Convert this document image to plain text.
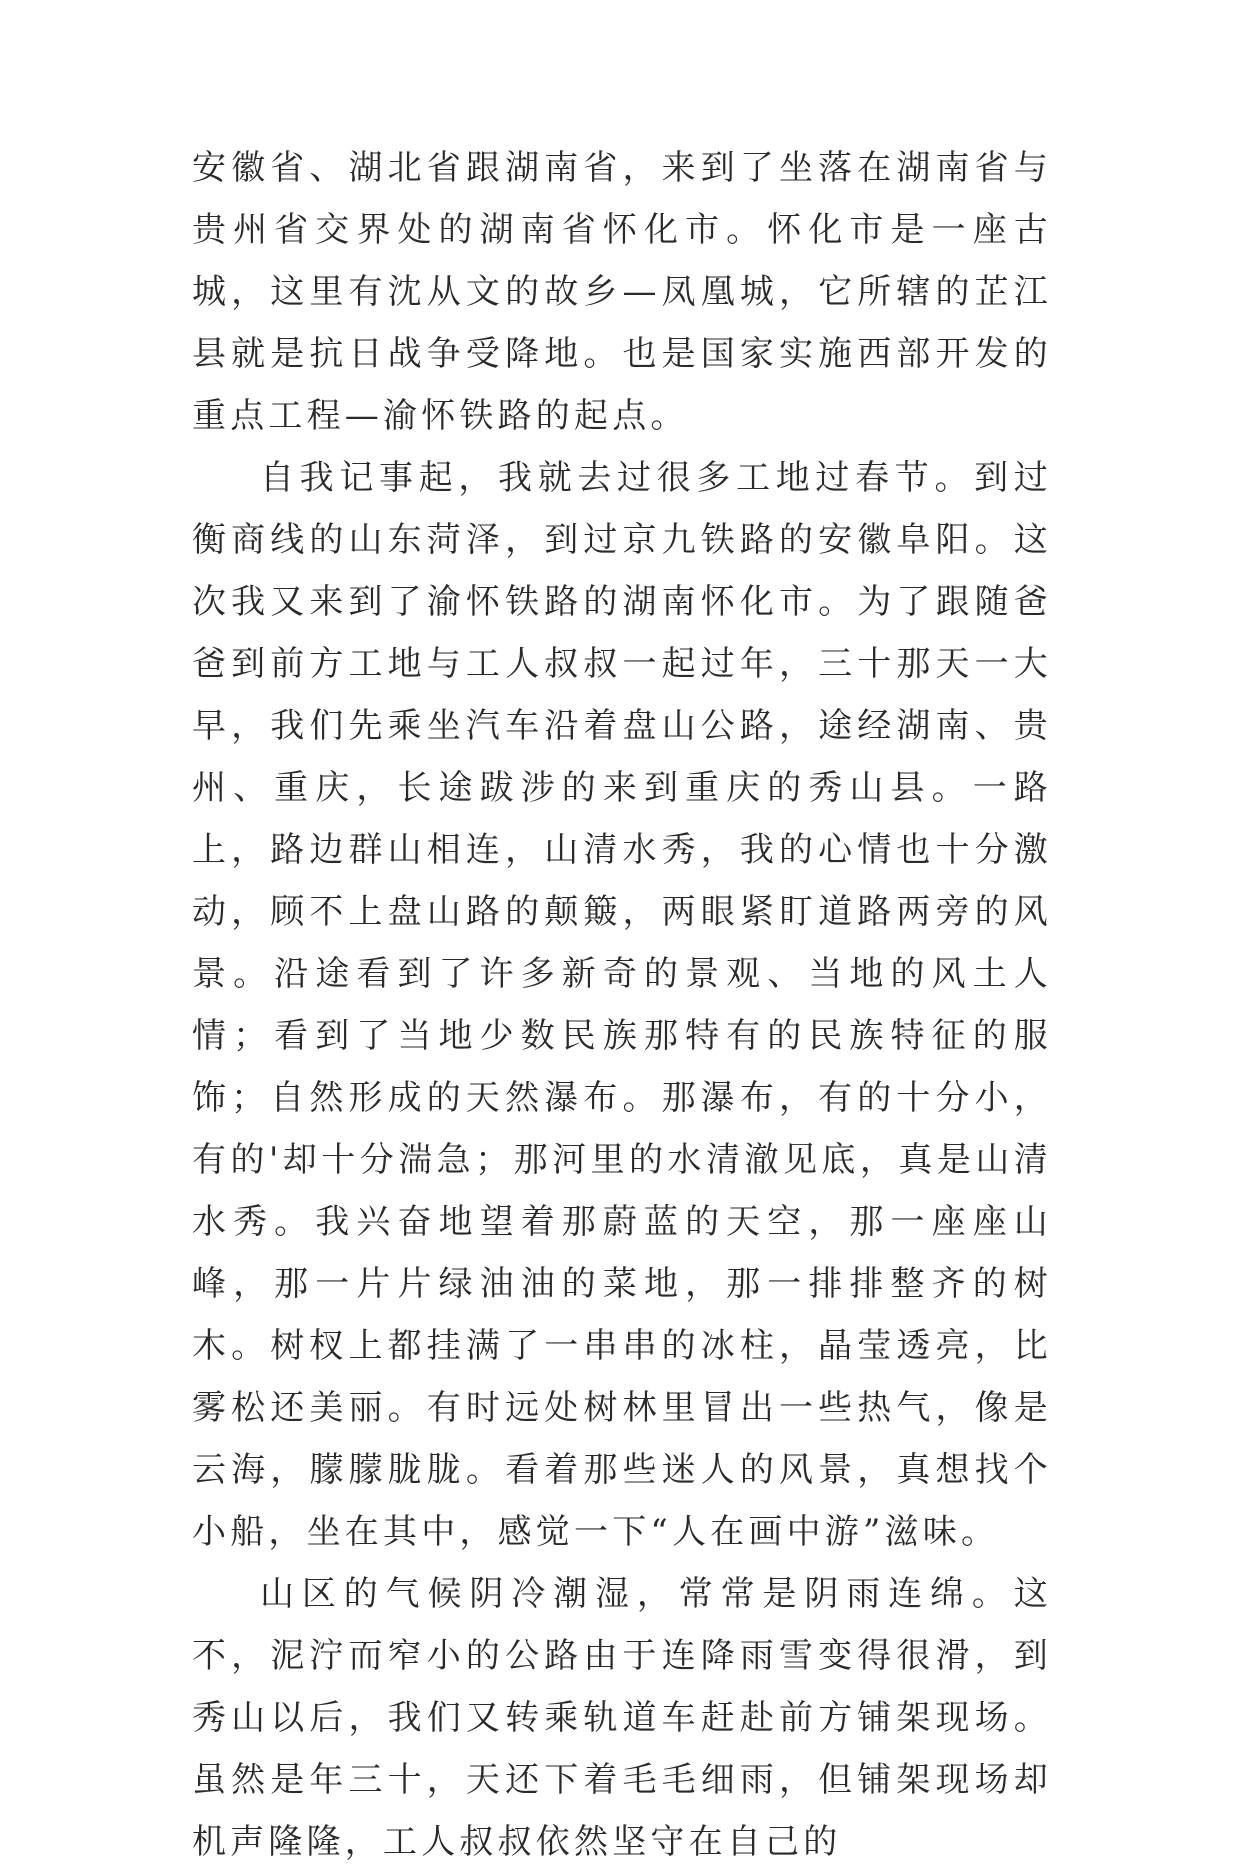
安徽省、湖北省跟湖南省，来到了坐落在湖南省与贵州省交界处的湖南省怀化市。怀化市是一座古城，这里有沈从文的故乡—凤凰城，它所辖的芷江县就是抗日战争受降地。也是国家实施西部开发的重点工程—渝怀铁路的起点。

自我记事起，我就去过很多工地过春节。到过衡商线的山东菏泽，到过京九铁路的安徽阜阳。这次我又来到了渝怀铁路的湖南怀化市。为了跟随爸爸到前方工地与工人叔叔一起过年，三十那天一大早，我们先乘坐汽车沿着盘山公路，途经湖南、贵州、重庆，长途跋涉的来到重庆的秀山县。一路上，路边群山相连，山清水秀，我的心情也十分激动，顾不上盘山路的颠簸，两眼紧盯道路两旁的风景。沿途看到了许多新奇的景观、当地的风土人情；看到了当地少数民族那特有的民族特征的服饰；自然形成的天然瀑布。那瀑布，有的十分小，有的'却十分湍急；那河里的水清澈见底，真是山清水秀。我兴奋地望着那蔚蓝的天空，那一座座山峰，那一片片绿油油的菜地，那一排排整齐的树木。树杈上都挂满了一串串的冰柱，晶莹透亮，比雾松还美丽。有时远处树林里冒出一些热气，像是云海，朦朦胧胧。看着那些迷人的风景，真想找个小船，坐在其中，感觉一下“人在画中游”滋味。

山区的气候阴冷潮湿，常常是阴雨连绵。这不，泥泞而窄小的公路由于连降雨雪变得很滑，到秀山以后，我们又转乘轨道车赶赴前方铺架现场。虽然是年三十，天还下着毛毛细雨，但铺架现场却机声隆隆，工人叔叔依然坚守在自己的
